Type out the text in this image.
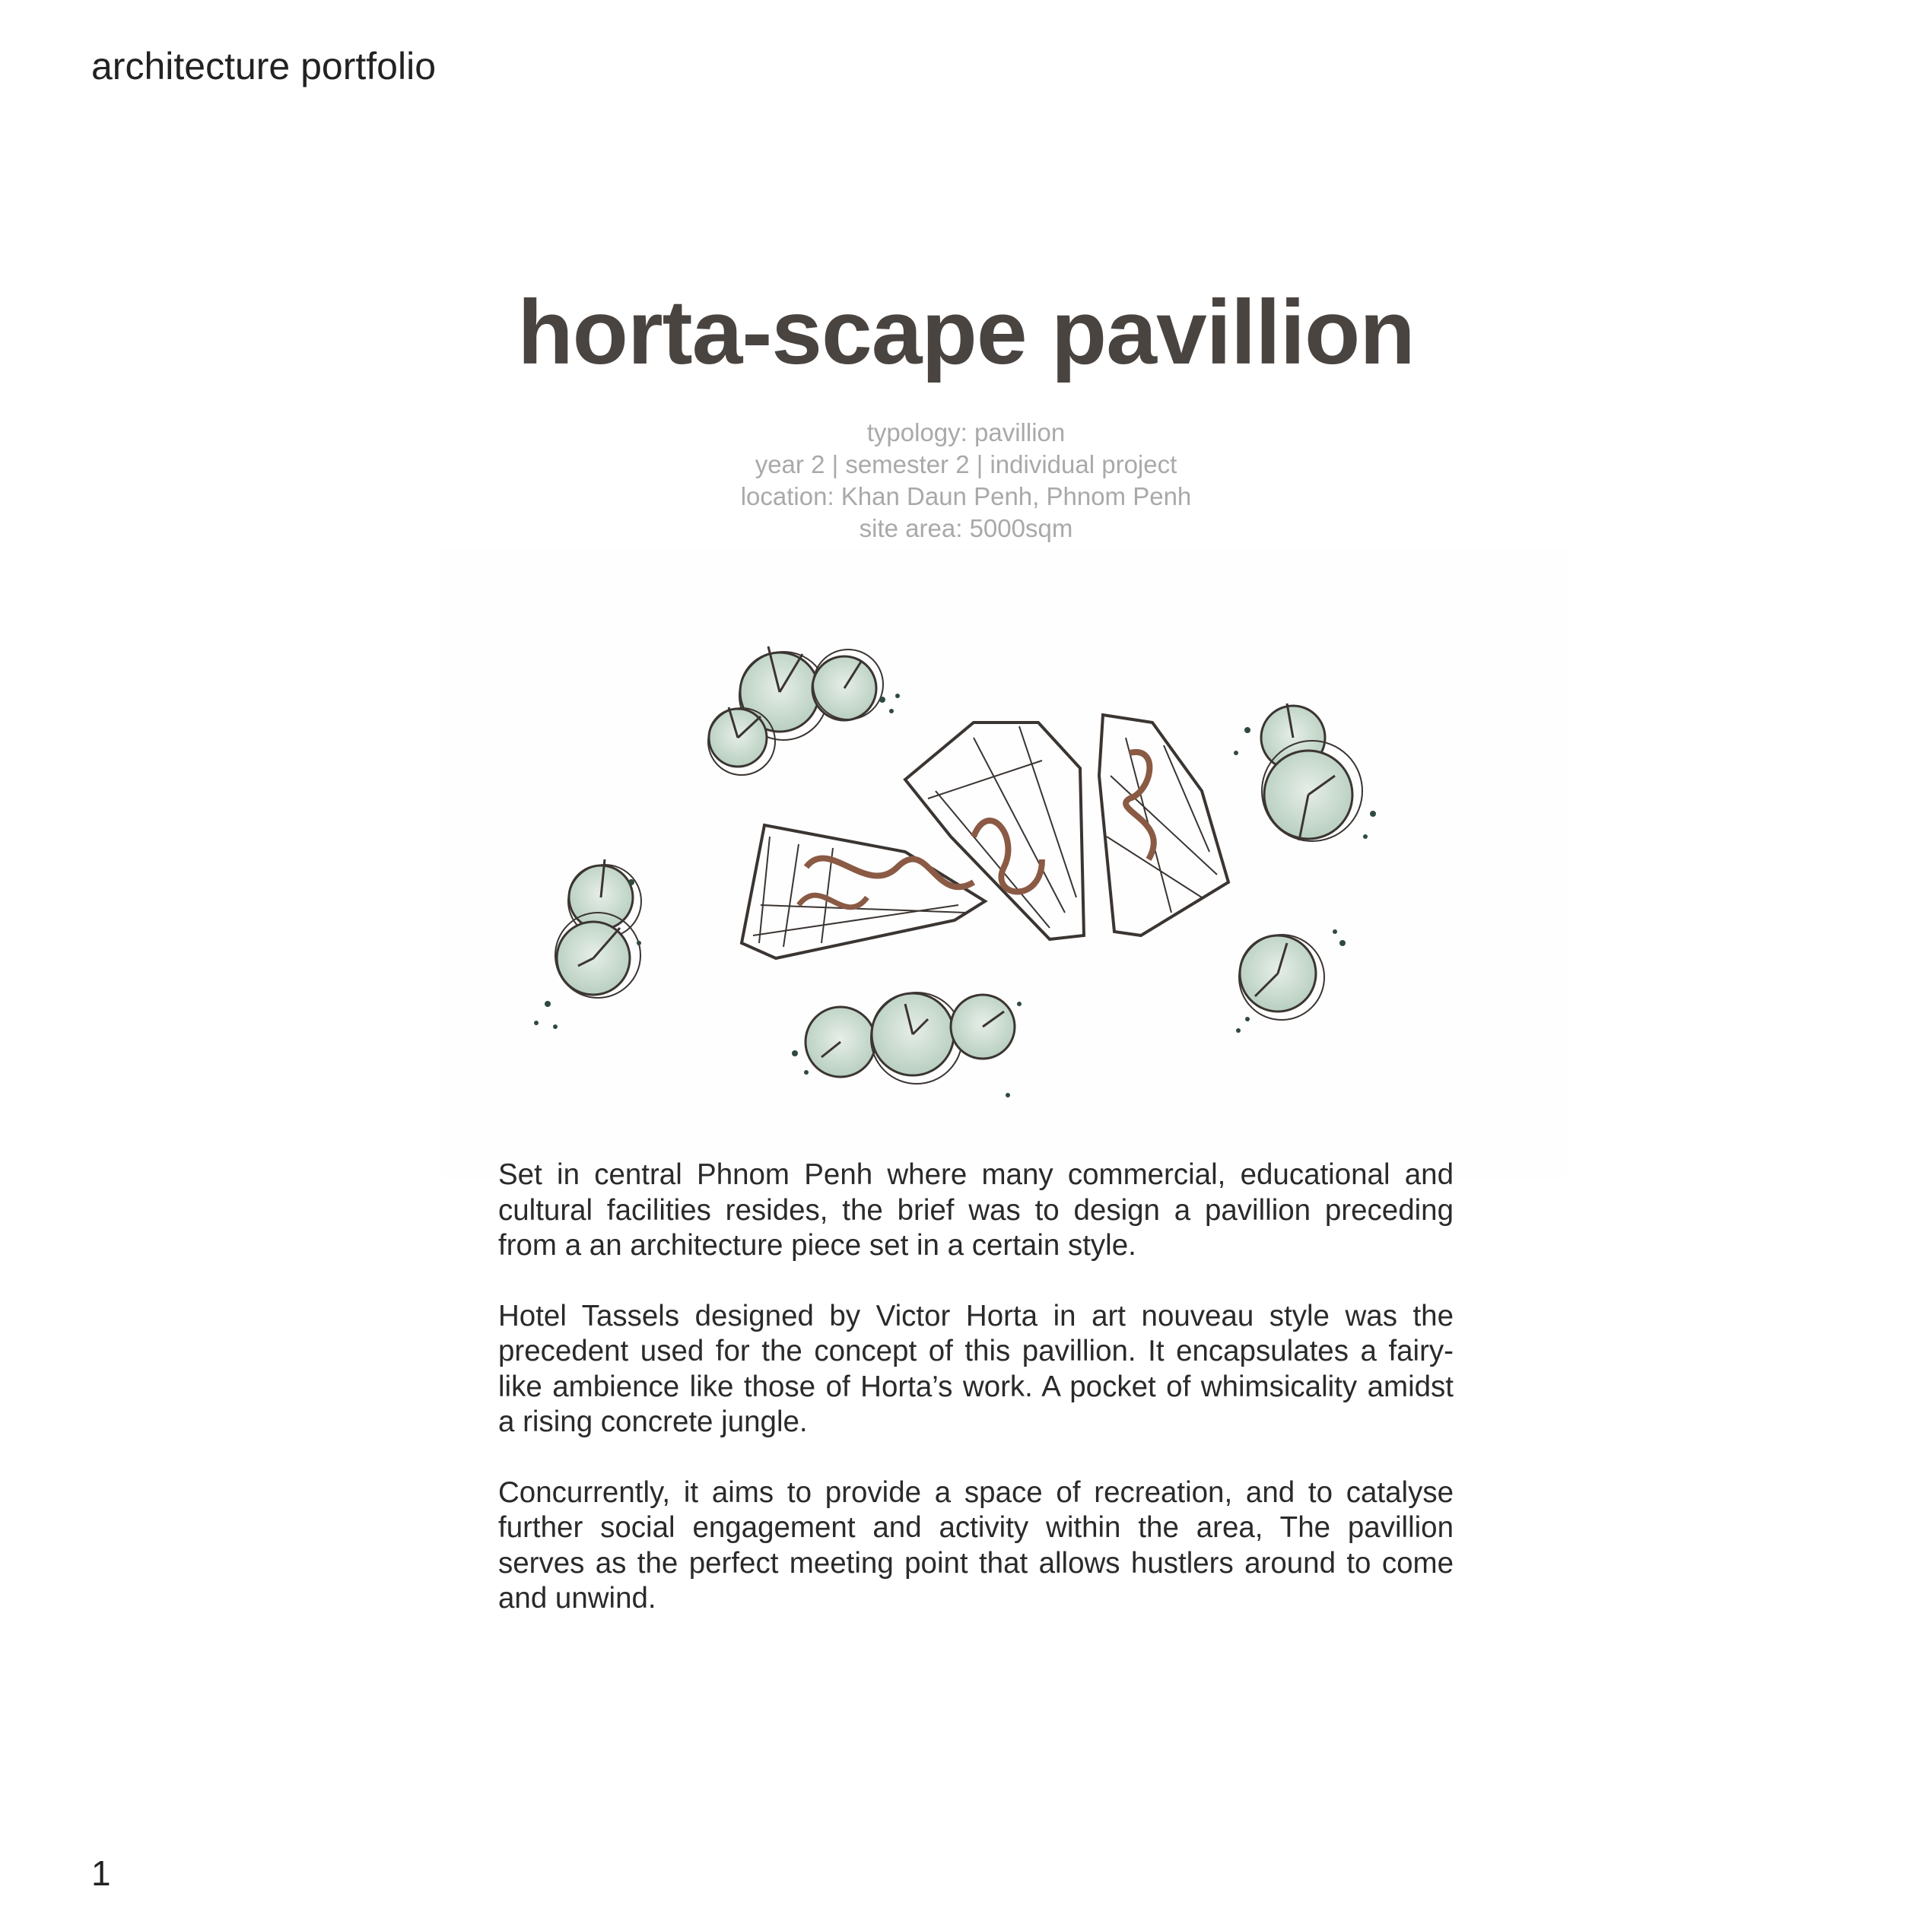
architecture portfolio
horta-scape pavillion
typology: pavillion
year 2 | semester 2 | individual project
location: Khan Daun Penh, Phnom Penh
site area: 5000sqm

Set in central Phnom Penh where many commercial, educational and cultural facilities resides, the brief was to design a pavillion preceding from a an architecture piece set in a certain style.

Hotel Tassels designed by Victor Horta in art nouveau style was the precedent used for the concept of this pavillion. It encapsulates a fairy-like ambience like those of Horta’s work. A pocket of whimsicality amidst a rising concrete jungle.

Concurrently, it aims to provide a space of recreation, and to catalyse further social engagement and activity within the area, The pavillion serves as the perfect meeting point that allows hustlers around to come and unwind.

1
